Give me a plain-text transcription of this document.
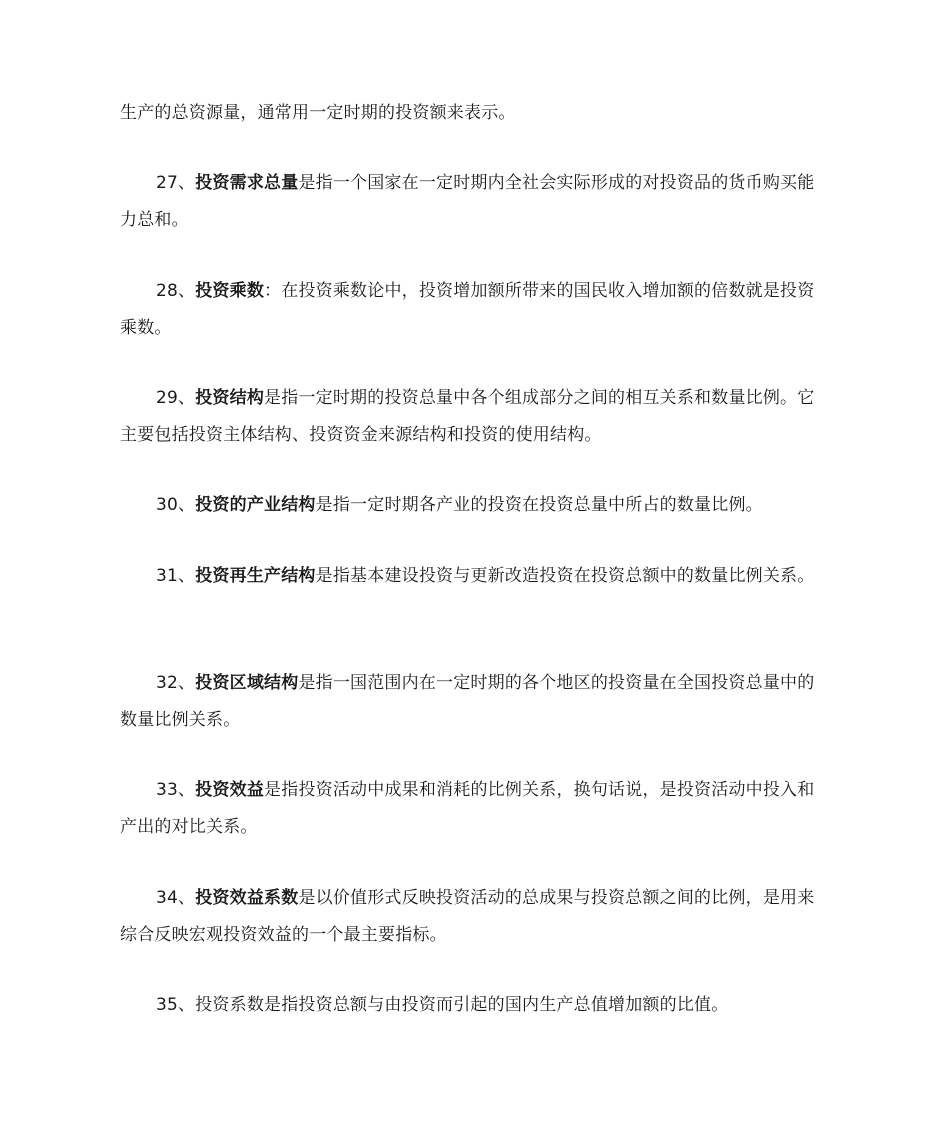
生产的总资源量，通常用一定时期的投资额来表示。

27、投资需求总量是指一个国家在一定时期内全社会实际形成的对投资品的货币购买能力总和。

28、投资乘数：在投资乘数论中，投资增加额所带来的国民收入增加额的倍数就是投资乘数。

29、投资结构是指一定时期的投资总量中各个组成部分之间的相互关系和数量比例。它主要包括投资主体结构、投资资金来源结构和投资的使用结构。

30、投资的产业结构是指一定时期各产业的投资在投资总量中所占的数量比例。

31、投资再生产结构是指基本建设投资与更新改造投资在投资总额中的数量比例关系。

32、投资区域结构是指一国范围内在一定时期的各个地区的投资量在全国投资总量中的数量比例关系。

33、投资效益是指投资活动中成果和消耗的比例关系，换句话说，是投资活动中投入和产出的对比关系。

34、投资效益系数是以价值形式反映投资活动的总成果与投资总额之间的比例，是用来综合反映宏观投资效益的一个最主要指标。

35、投资系数是指投资总额与由投资而引起的国内生产总值增加额的比值。
